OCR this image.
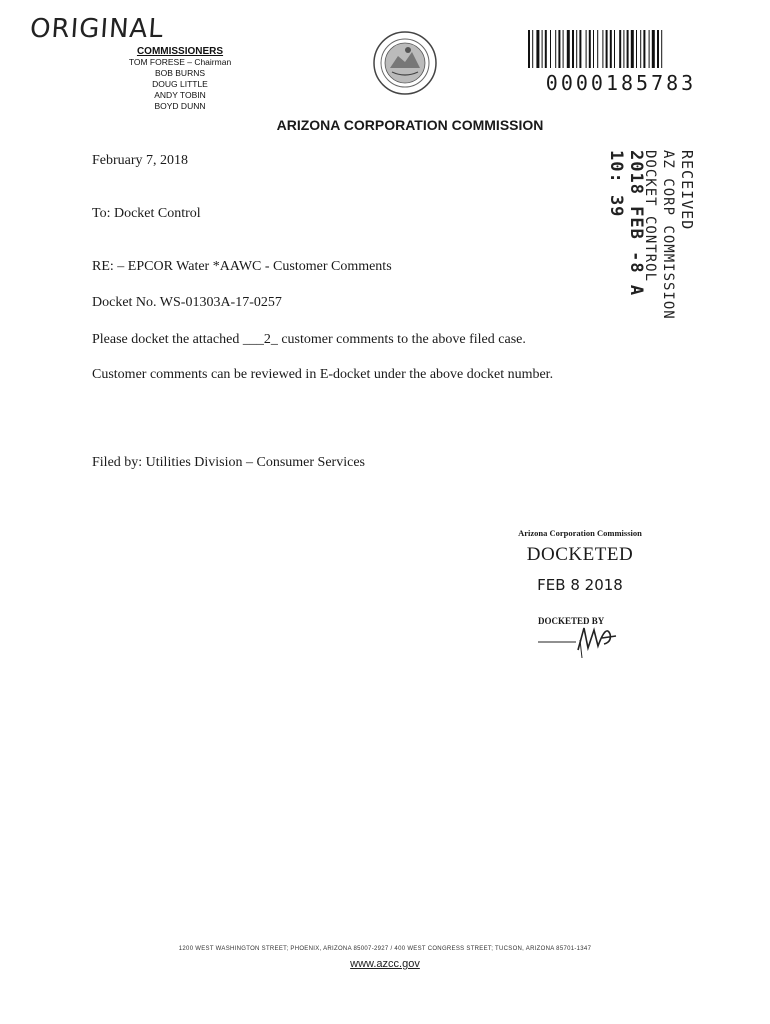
ORIGINAL
COMMISSIONERS
TOM FORESE – Chairman
BOB BURNS
DOUG LITTLE
ANDY TOBIN
BOYD DUNN
0000185783
ARIZONA CORPORATION COMMISSION
February 7, 2018
To: Docket Control
RE: – EPCOR Water *AAWC - Customer Comments
Docket No. WS-01303A-17-0257
Please docket the attached ___2_ customer comments to the above filed case.
Customer comments can be reviewed in E-docket under the above docket number.
Filed by: Utilities Division – Consumer Services
RECEIVED
AZ CORP COMMISSION
DOCKET CONTROL
2018 FEB -8 A 10: 39
Arizona Corporation Commission
DOCKETED
FEB 8 2018
DOCKETED BY
1200 WEST WASHINGTON STREET; PHOENIX, ARIZONA 85007-2927 / 400 WEST CONGRESS STREET; TUCSON, ARIZONA 85701-1347
www.azcc.gov
